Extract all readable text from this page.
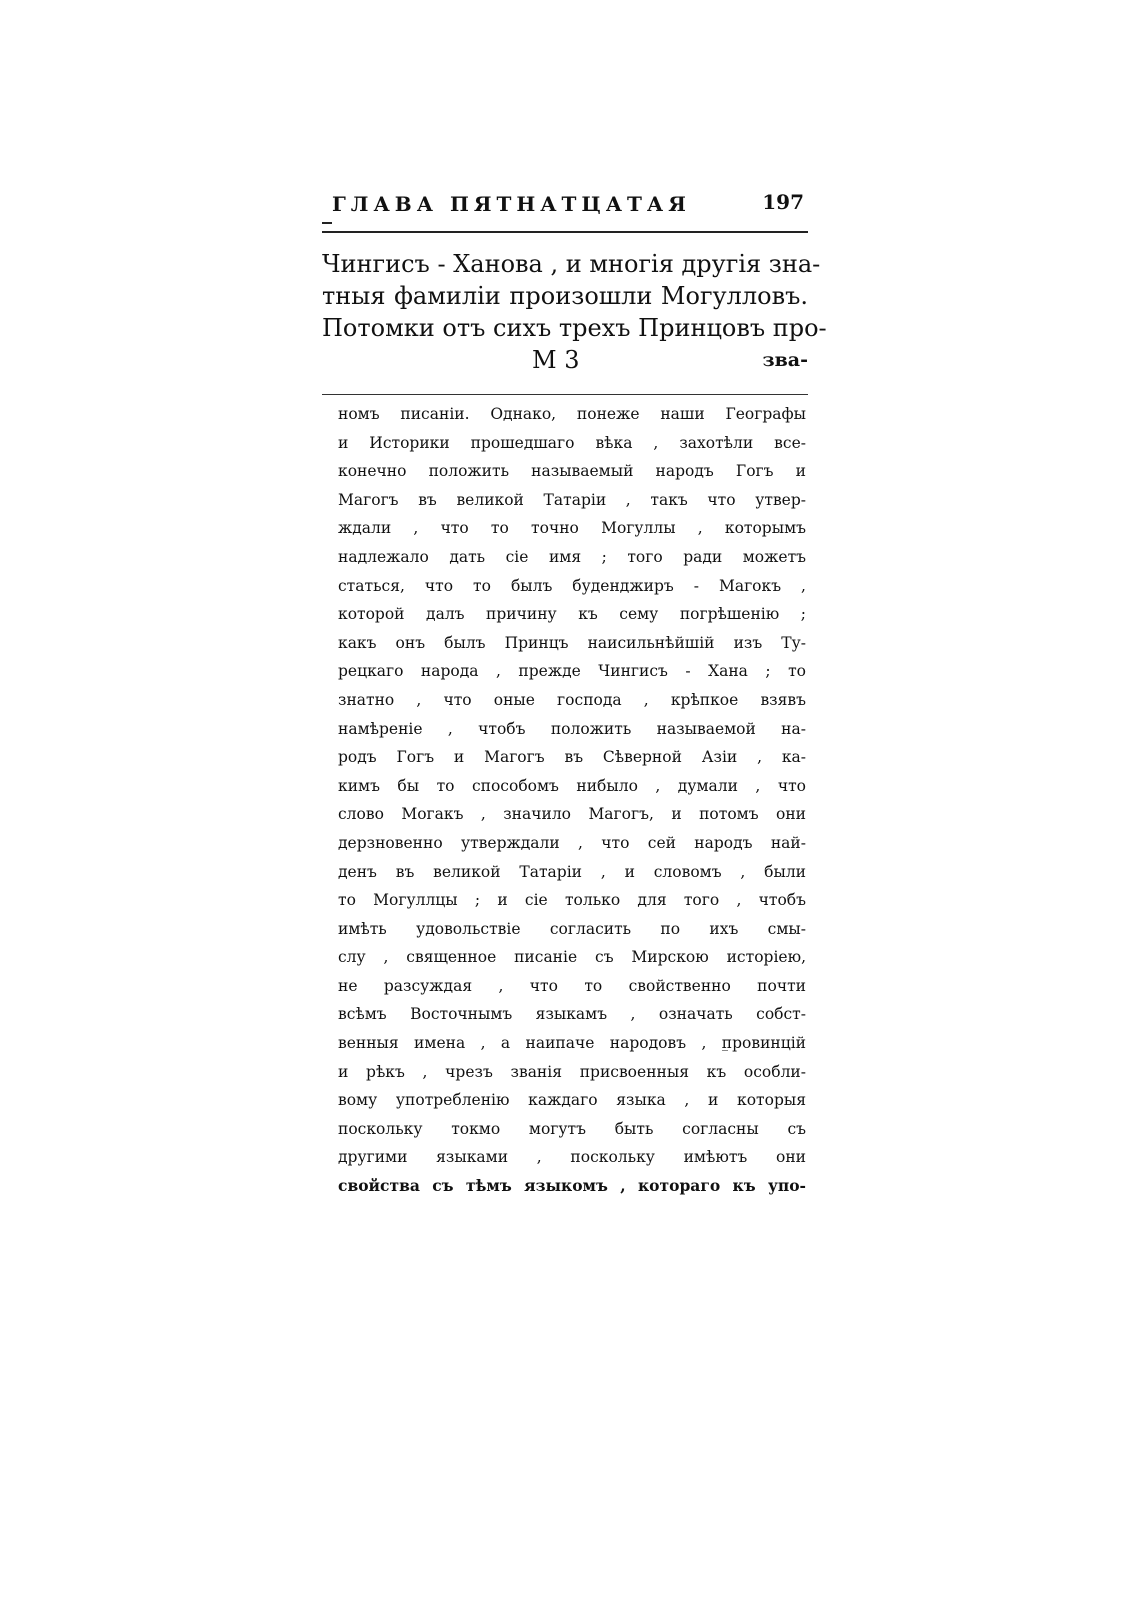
ГЛАВА ПЯТНАТЦАТАЯ	197
Чингисъ - Ханова , и многія другія зна-
тныя фамиліи произошли Могулловъ.
Потомки отъ сихъ трехъ Принцовъ про-
М 3	зва-
номъ писаніи. Однако, понеже наши Географы
и Историки прошедшаго вѣка , захотѣли все-
конечно положить называемый народъ Гогъ и
Магогъ въ великой Татаріи , такъ что утвер-
ждали , что то точно Могуллы , которымъ
надлежало дать сіе имя ; того ради можетъ
статься, что то былъ буденджиръ - Магокъ ,
которой далъ причину къ сему погрѣшенію ;
какъ онъ былъ Принцъ наисильнѣйшій изъ Ту-
рецкаго народа , прежде Чингисъ - Хана ; то
знатно , что оные господа , крѣпкое взявъ
намѣреніе , чтобъ положить называемой на-
родъ Гогъ и Магогъ въ Сѣверной Азіи , ка-
кимъ бы то способомъ нибыло , думали , что
слово Могакъ , значило Магогъ, и потомъ они
дерзновенно утверждали , что сей народъ най-
денъ въ великой Татаріи , и словомъ , были
то Могуллцы ; и сіе только для того , чтобъ
имѣть удовольствіе согласить по ихъ смы-
слу , священное писаніе съ Мирскою исторіею,
не разсуждая , что то свойственно почти
всѣмъ Восточнымъ языкамъ , означать собст-
венныя имена , а наипаче народовъ , провинцій
и рѣкъ , чрезъ званія присвоенныя къ особли-
вому употребленію каждаго языка , и которыя
поскольку токмо могутъ быть согласны съ
другими языками , поскольку имѣютъ они
свойства съ тѣмъ языкомъ , котораго къ упо-
